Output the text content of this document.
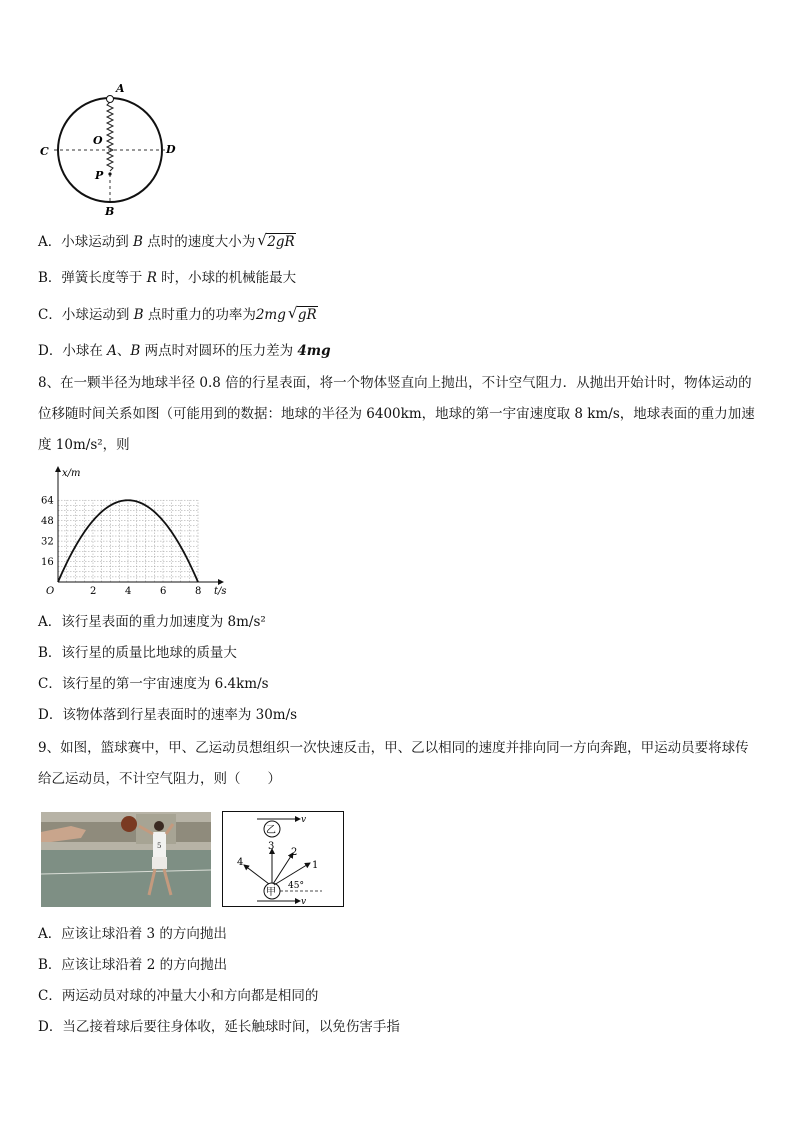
A
B
C	D
O
P
A．小球运动到 B 点时的速度大小为 √ 2gR
B．弹簧长度等于 R 时，小球的机械能最大
C．小球运动到 B 点时重力的功率为2mg √ gR
D．小球在 A、B 两点时对圆环的压力差为 4mg
8、在一颗半径为地球半径 0.8 倍的行星表面，将一个物体竖直向上抛出，不计空气阻力．从抛出开始计时，物体运动的位移随时间关系如图（可能用到的数据：地球的半径为 6400km，地球的第一宇宙速度取 8 km/s，地球表面的重力加速度 10m/s²，则
2	4	6	8
16
32
48
64
O	t/s
x/m
A．该行星表面的重力加速度为 8m/s²
B．该行星的质量比地球的质量大
C．该行星的第一宇宙速度为 6.4km/s
D．该物体落到行星表面时的速率为 30m/s
9、如图，篮球赛中，甲、乙运动员想组织一次快速反击，甲、乙以相同的速度并排向同一方向奔跑，甲运动员要将球传给乙运动员，不计空气阻力，则（　　）
5
v
乙
甲
v
1
2
3
4
45°
A．应该让球沿着 3 的方向抛出
B．应该让球沿着 2 的方向抛出
C．两运动员对球的冲量大小和方向都是相同的
D．当乙接着球后要往身体收，延长触球时间，以免伤害手指
